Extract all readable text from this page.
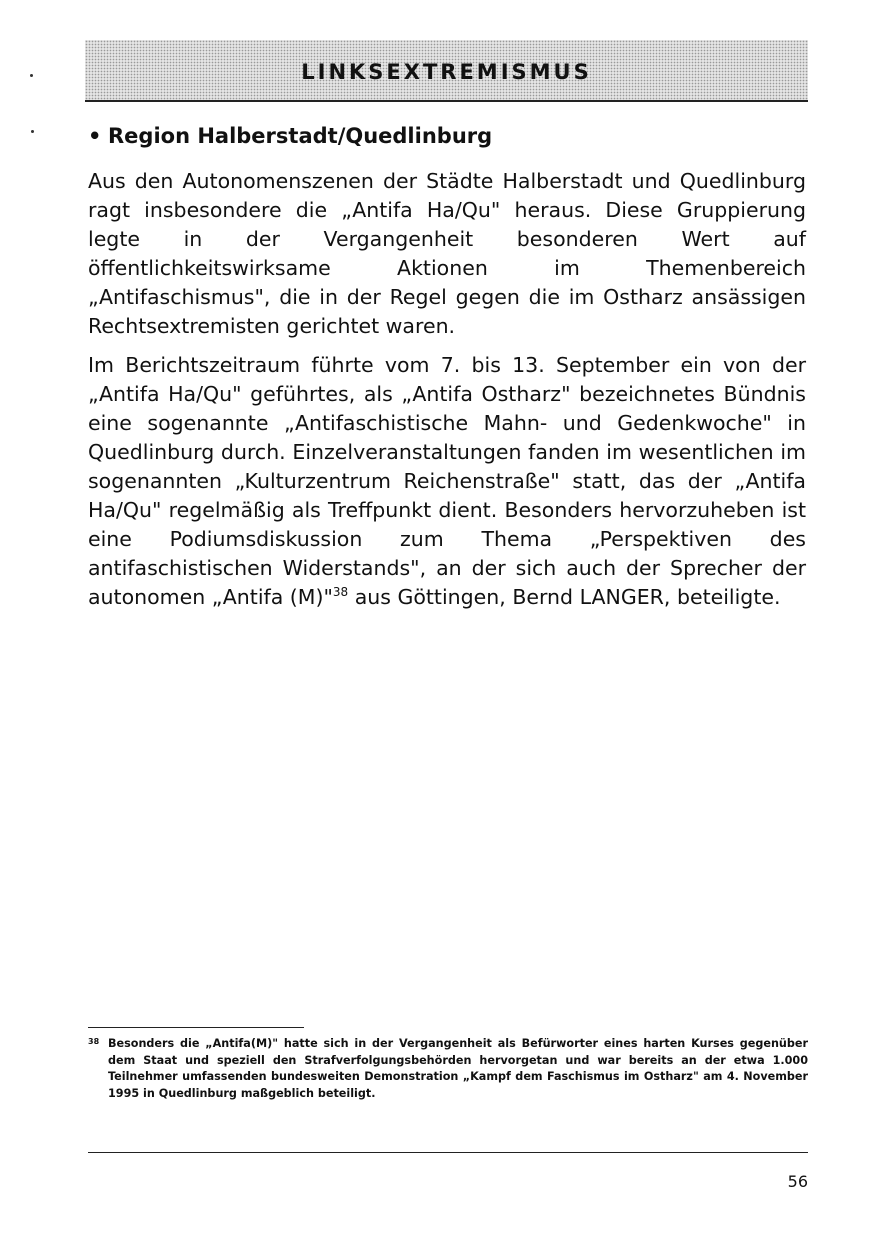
LINKSEXTREMISMUS
• Region Halberstadt/Quedlinburg

Aus den Autonomenszenen der Städte Halberstadt und Quedlinburg ragt insbesondere die „Antifa Ha/Qu" heraus. Diese Gruppierung legte in der Vergangenheit besonderen Wert auf öffentlichkeitswirksame Aktionen im Themenbereich „Antifaschismus", die in der Regel gegen die im Ostharz ansässigen Rechtsextremisten gerichtet waren.

Im Berichtszeitraum führte vom 7. bis 13. September ein von der „Antifa Ha/Qu" geführtes, als „Antifa Ostharz" bezeichnetes Bündnis eine sogenannte „Antifaschistische Mahn- und Gedenkwoche" in Quedlinburg durch. Einzelveranstaltungen fanden im wesentlichen im sogenannten „Kulturzentrum Reichenstraße" statt, das der „Antifa Ha/Qu" regelmäßig als Treffpunkt dient. Besonders hervorzuheben ist eine Podiumsdiskussion zum Thema „Perspektiven des antifaschistischen Widerstands", an der sich auch der Sprecher der autonomen „Antifa (M)"$^{38}$ aus Göttingen, Bernd LANGER, beteiligte.

38 Besonders die „Antifa(M)" hatte sich in der Vergangenheit als Befürworter eines harten Kurses gegenüber dem Staat und speziell den Strafverfolgungsbehörden hervorgetan und war bereits an der etwa 1.000 Teilnehmer umfassenden bundesweiten Demonstration „Kampf dem Faschismus im Ostharz" am 4. November 1995 in Quedlinburg maßgeblich beteiligt.
56
